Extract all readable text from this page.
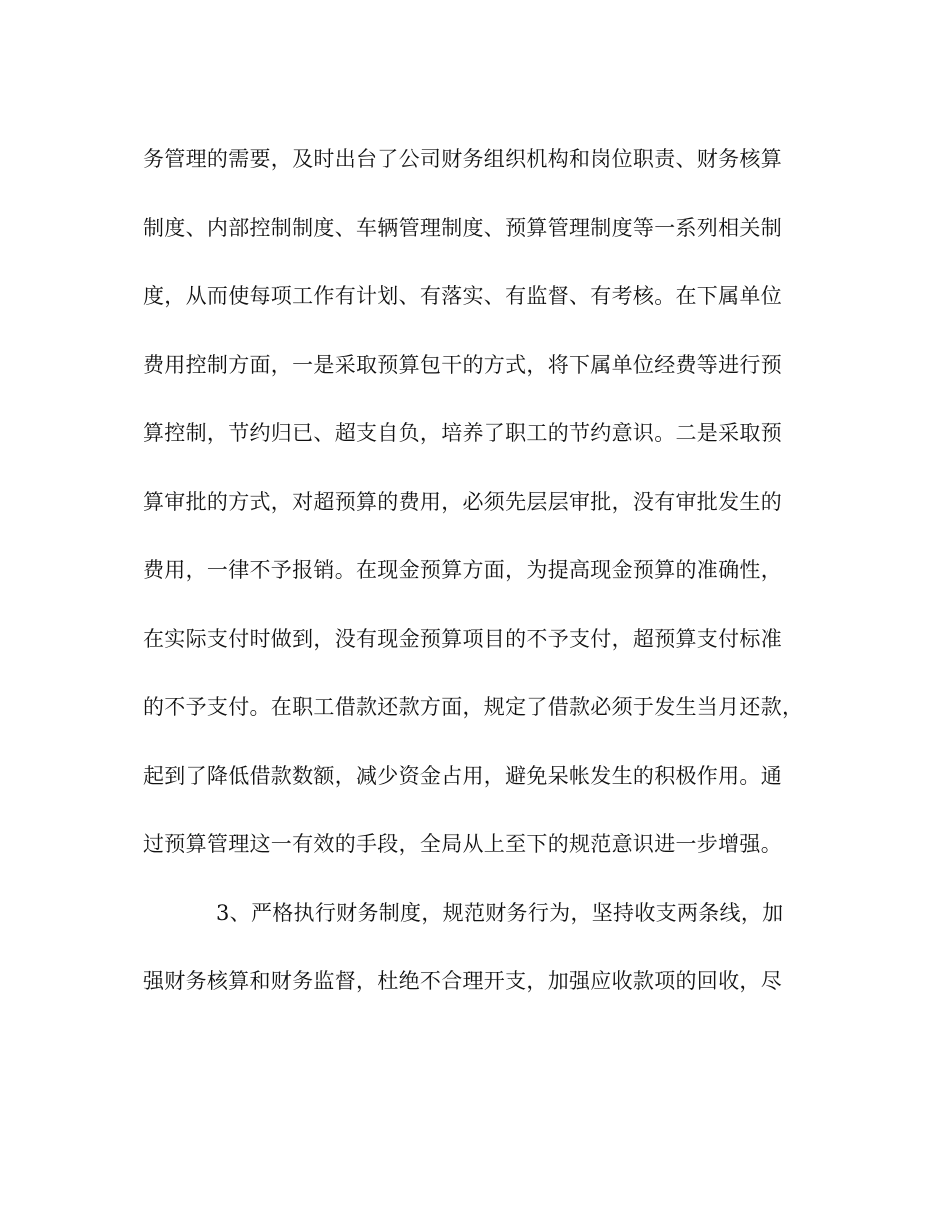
务管理的需要，及时出台了公司财务组织机构和岗位职责、财务核算
制度、内部控制制度、车辆管理制度、预算管理制度等一系列相关制
度，从而使每项工作有计划、有落实、有监督、有考核。在下属单位
费用控制方面，一是采取预算包干的方式，将下属单位经费等进行预
算控制，节约归已、超支自负，培养了职工的节约意识。二是采取预
算审批的方式，对超预算的费用，必须先层层审批，没有审批发生的
费用，一律不予报销。在现金预算方面，为提高现金预算的准确性，
在实际支付时做到，没有现金预算项目的不予支付，超预算支付标准
的不予支付。在职工借款还款方面，规定了借款必须于发生当月还款，
起到了降低借款数额，减少资金占用，避免呆帐发生的积极作用。通
过预算管理这一有效的手段，全局从上至下的规范意识进一步增强。
3、严格执行财务制度，规范财务行为，坚持收支两条线，加
强财务核算和财务监督，杜绝不合理开支，加强应收款项的回收，尽
